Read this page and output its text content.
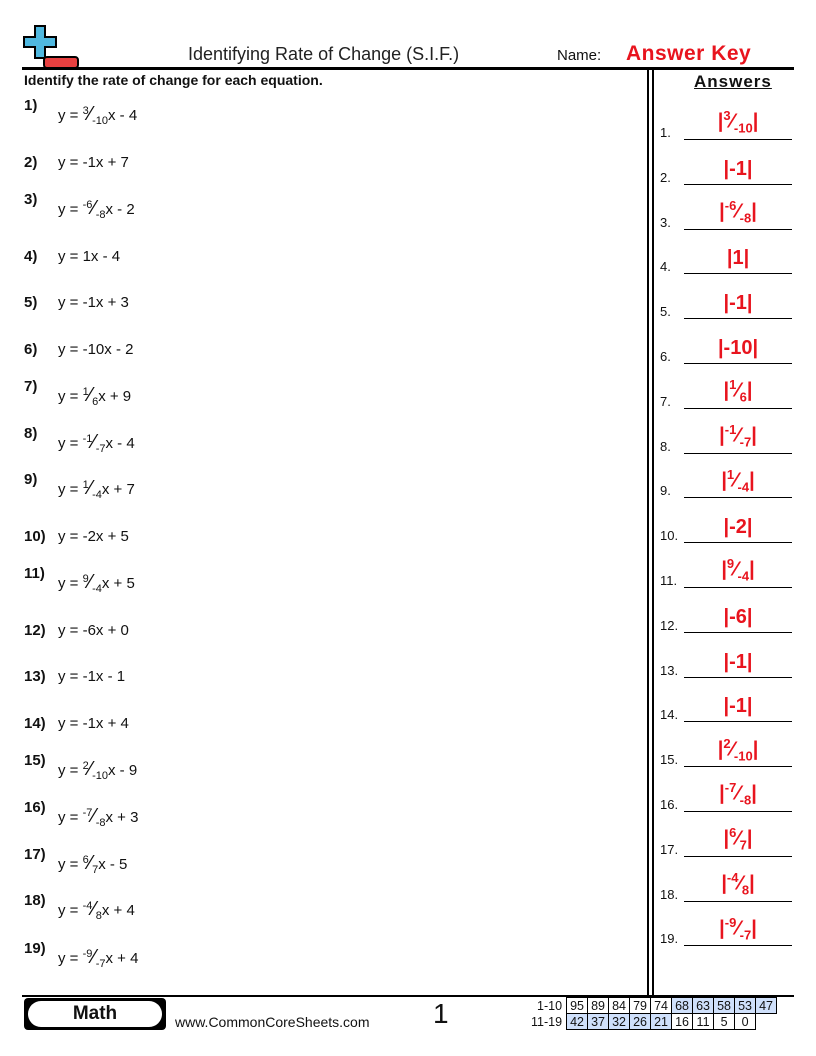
Identifying Rate of Change (S.I.F.)	Name: Answer Key
Identify the rate of change for each equation.	Answers
$1)y = ^3⁄_{-10}x - 4$
2) y = -1x + 7
$3)y = ^{-6}⁄_{-8}x - 2$
4) y = 1x - 4
5) y = -1x + 3
6) y = -10x - 2
$7)y = ^1⁄_6x + 9$
$8)y = ^{-1}⁄_{-7}x - 4$
$9)y = ^1⁄_{-4}x + 7$
10) y = -2x + 5
$11)y = ^9⁄_{-4}x + 5$
12) y = -6x + 0
13) y = -1x - 1
14) y = -1x + 4
$15)y = ^2⁄_{-10}x - 9$
$16)y = ^{-7}⁄_{-8}x + 3$
$17)y = ^6⁄_7x - 5$
$18)y = ^{-4}⁄_8x + 4$
$19)y = ^{-9}⁄_{-7}x + 4$
1.	$|^3⁄_{-10}|$
2.	|-1|
3.	$|^{-6}⁄_{-8}|$
4.	|1|
5.	|-1|
6.	|-10|
7.	$|^1⁄_6|$
8.	$|^{-1}⁄_{-7}|$
9.	$|^1⁄_{-4}|$
10.	|-2|
11.	$|^9⁄_{-4}|$
12.	|-6|
13.	|-1|
14.	|-1|
15.	$|^2⁄_{-10}|$
16.	$|^{-7}⁄_{-8}|$
17.	$|^6⁄_7|$
18.	$|^{-4}⁄_8|$
19.	$|^{-9}⁄_{-7}|$
Math	www.CommonCoreSheets.com 1	1-10	95	89	84	79	74	68	63	58	53	47
11-19	42	37	32	26	21	16	11	5	0	
